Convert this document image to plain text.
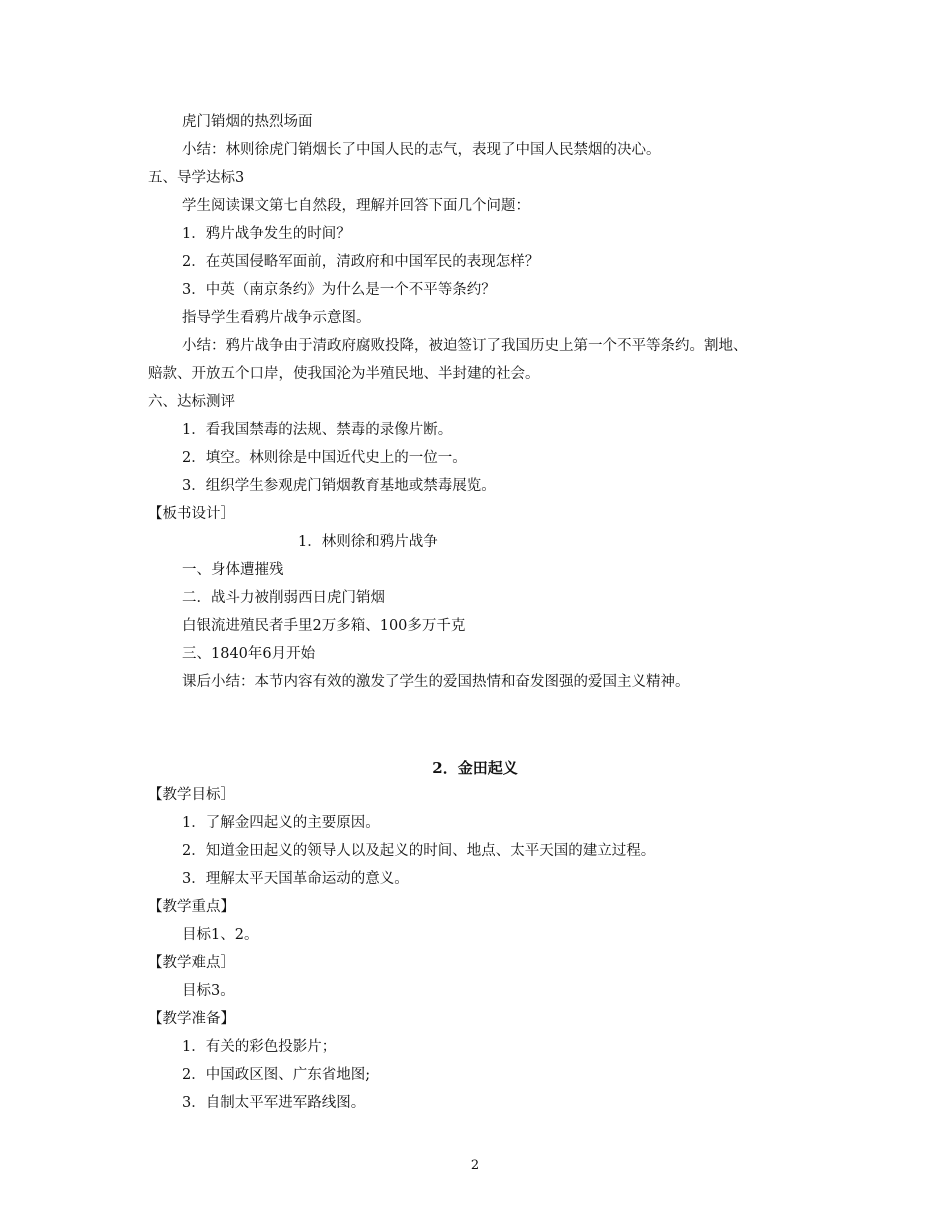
虎门销烟的热烈场面
小结：林则徐虎门销烟长了中国人民的志气，表现了中国人民禁烟的决心。
五、导学达标3
学生阅读课文第七自然段，理解并回答下面几个问题：
1．鸦片战争发生的时间？
2．在英国侵略军面前，清政府和中国军民的表现怎样？
3．中英（南京条约》为什么是一个不平等条约？
指导学生看鸦片战争示意图。
小结：鸦片战争由于清政府腐败投降，被迫签订了我国历史上第一个不平等条约。割地、
赔款、开放五个口岸，使我国沦为半殖民地、半封建的社会。
六、达标测评
1．看我国禁毒的法规、禁毒的录像片断。
2．填空。林则徐是中国近代史上的一位一。
3．组织学生参观虎门销烟教育基地或禁毒展览。
【板书设计］
1．林则徐和鸦片战争
一、身体遭摧残
二．战斗力被削弱西日虎门销烟
白银流进殖民者手里2万多箱、100多万千克
三、1840年6月开始
课后小结：本节内容有效的激发了学生的爱国热情和奋发图强的爱国主义精神。
2．金田起义
【教学目标］
1．了解金四起义的主要原因。
2．知道金田起义的领导人以及起义的时间、地点、太平天国的建立过程。
3．理解太平天国革命运动的意义。
【教学重点】
目标1、2。
【教学难点］
目标3。
【教学准备】
1．有关的彩色投影片；
2．中国政区图、广东省地图;
3．自制太平军进军路线图。
2
